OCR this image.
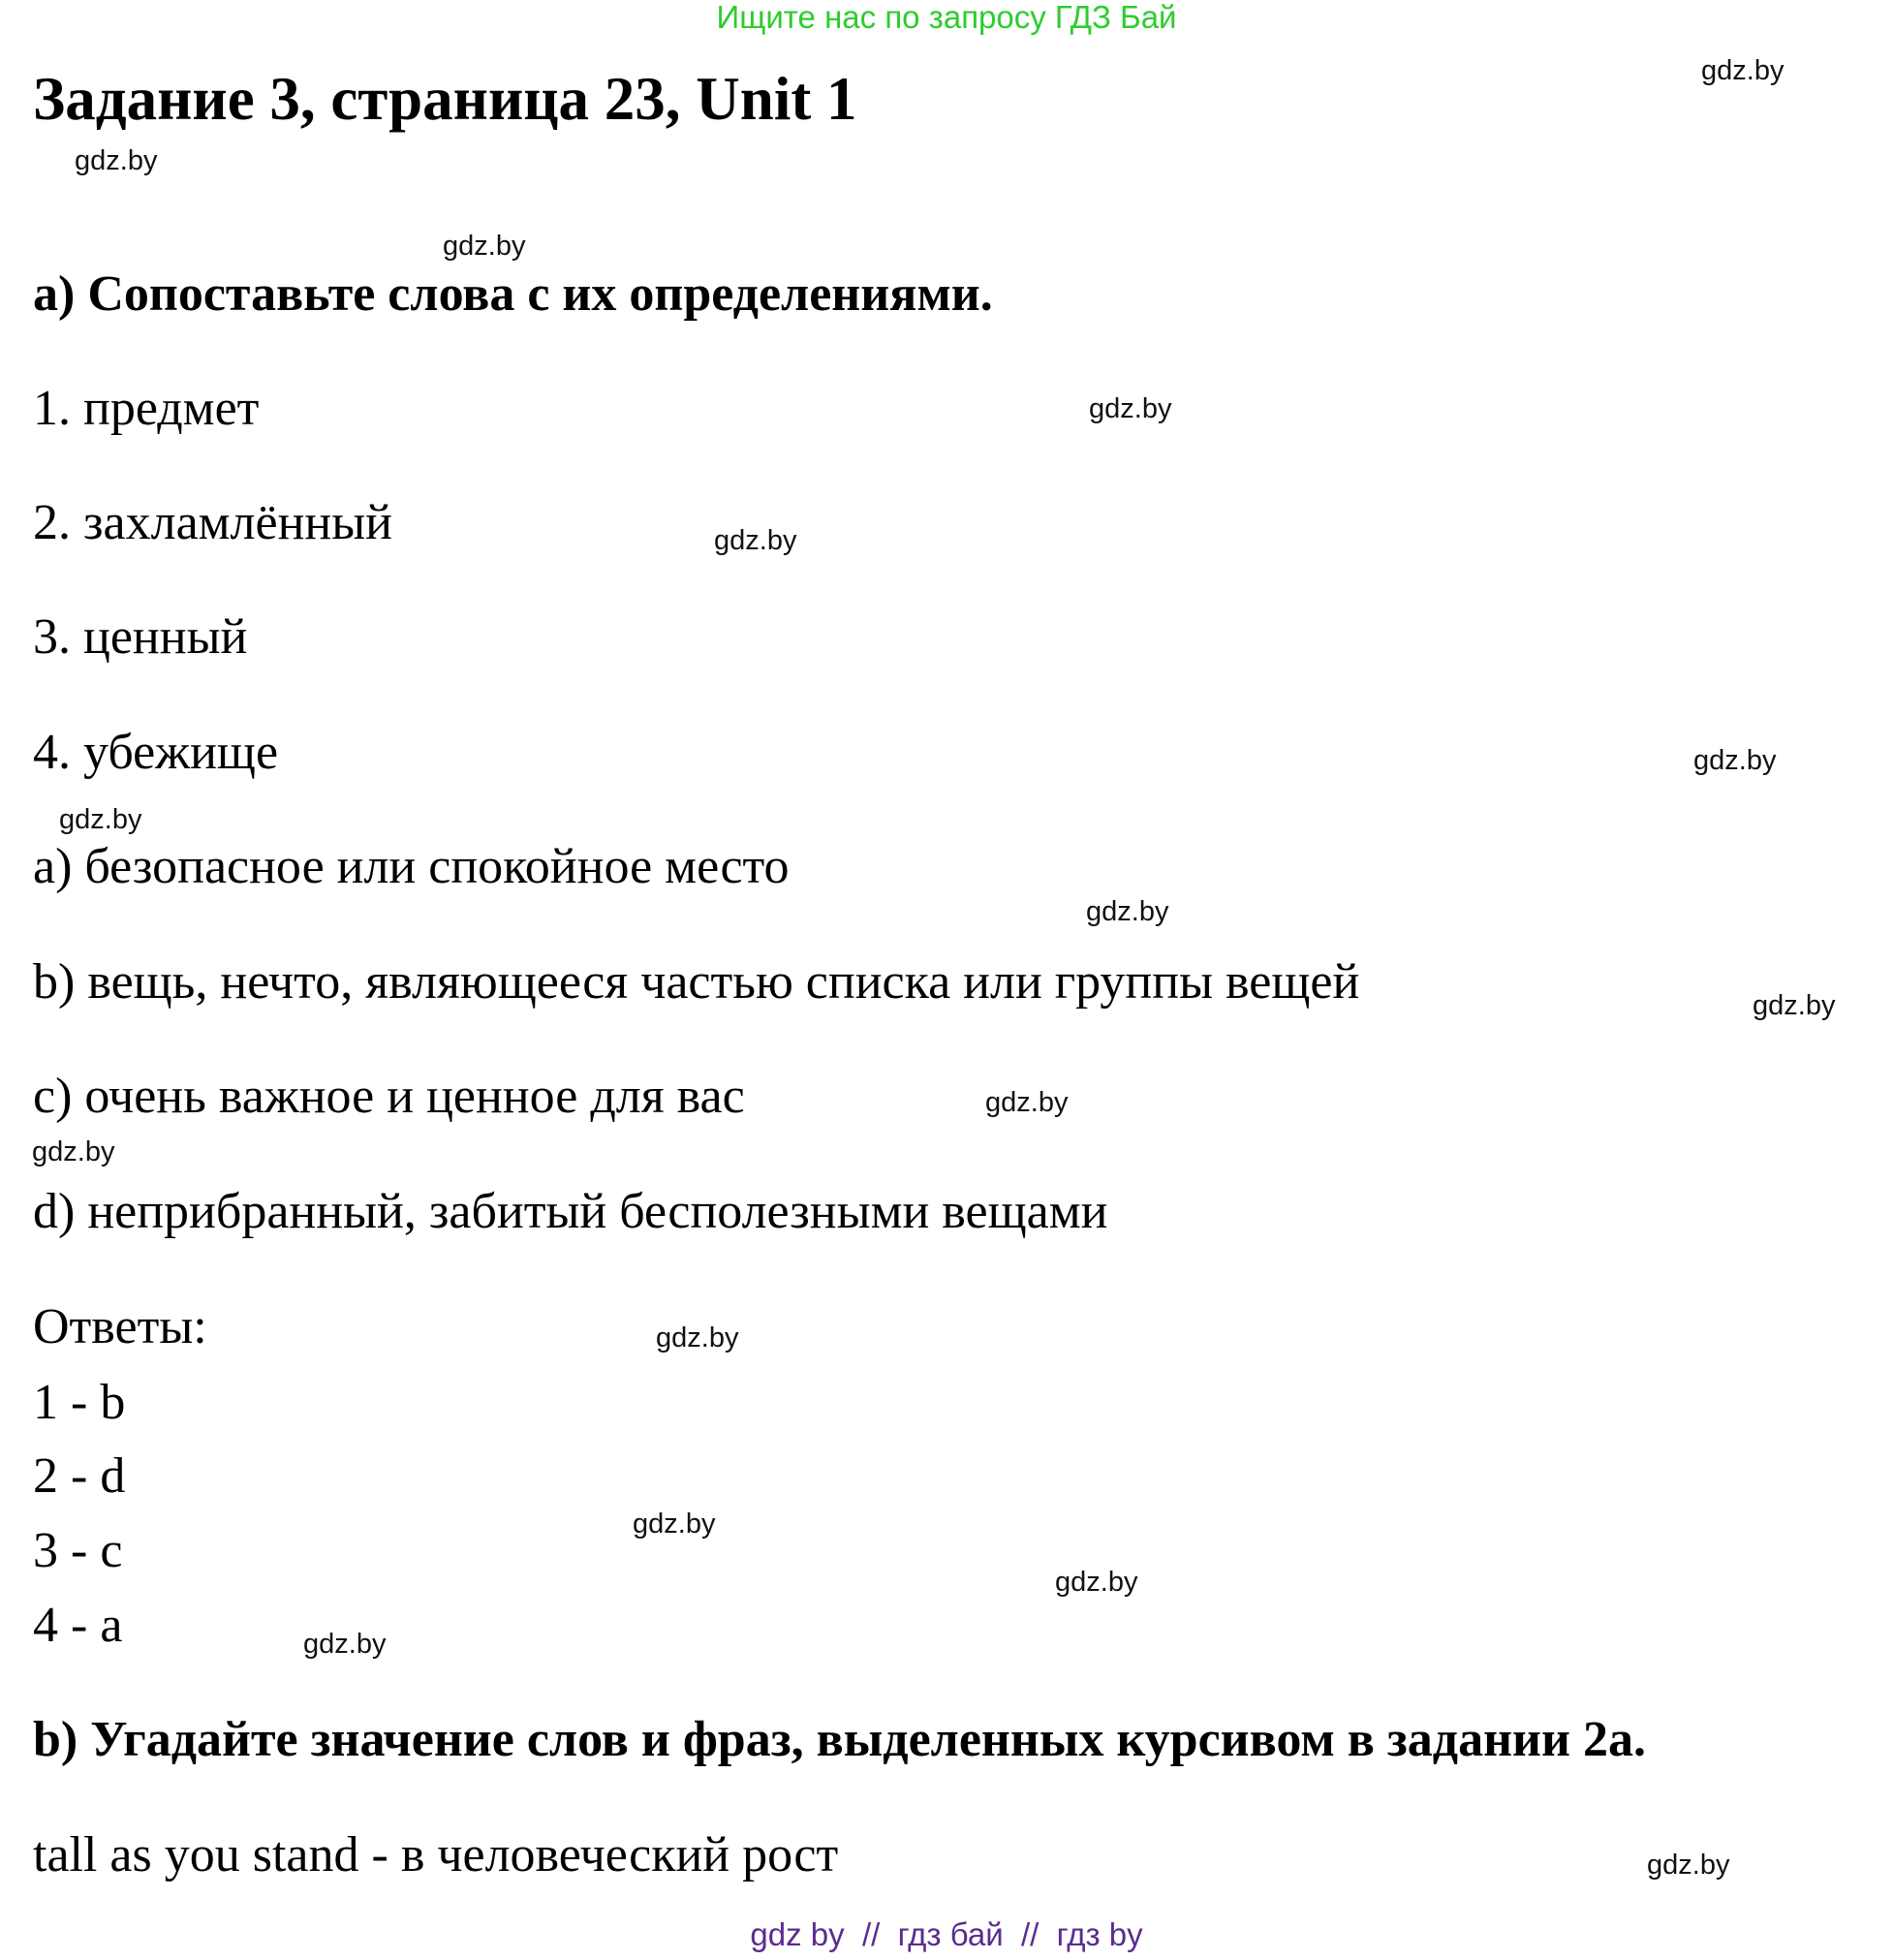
Ищите нас по запросу ГДЗ Бай
Задание 3, страница 23, Unit 1
a) Сопоставьте слова с их определениями.
1. предмет
2. захламлённый
3. ценный
4. убежище
a) безопасное или спокойное место
b) вещь, нечто, являющееся частью списка или группы вещей
c) очень важное и ценное для вас
d) неприбранный, забитый бесполезными вещами
Ответы:
1 - b
2 - d
3 - c
4 - a
b) Угадайте значение слов и фраз, выделенных курсивом в задании 2а.
tall as you stand - в человеческий рост
gdz.by
gdz.by
gdz.by
gdz.by
gdz.by
gdz.by
gdz.by
gdz.by
gdz.by
gdz.by
gdz.by
gdz.by
gdz.by
gdz.by
gdz.by
gdz.by
gdz by  //  гдз бай  //  гдз by
